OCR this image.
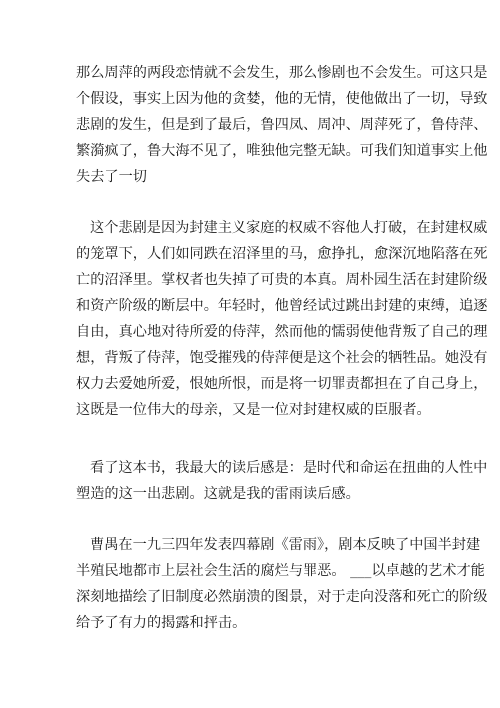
那么周萍的两段恋情就不会发生，那么惨剧也不会发生。可这只是
个假设，事实上因为他的贪婪，他的无情，使他做出了一切，导致
悲剧的发生，但是到了最后，鲁四凤、周冲、周萍死了，鲁侍萍、
繁漪疯了，鲁大海不见了，唯独他完整无缺。可我们知道事实上他
失去了一切
这个悲剧是因为封建主义家庭的权威不容他人打破，在封建权威
的笼罩下，人们如同跌在沼泽里的马，愈挣扎，愈深沉地陷落在死
亡的沼泽里。掌权者也失掉了可贵的本真。周朴园生活在封建阶级
和资产阶级的断层中。年轻时，他曾经试过跳出封建的束缚，追逐
自由，真心地对待所爱的侍萍，然而他的懦弱使他背叛了自己的理
想，背叛了侍萍，饱受摧残的侍萍便是这个社会的牺牲品。她没有
权力去爱她所爱，恨她所恨，而是将一切罪责都担在了自己身上，
这既是一位伟大的母亲，又是一位对封建权威的臣服者。
看了这本书，我最大的读后感是：是时代和命运在扭曲的人性中
塑造的这一出悲剧。这就是我的雷雨读后感。
曹禺在一九三四年发表四幕剧《雷雨》，剧本反映了中国半封建
半殖民地都市上层社会生活的腐烂与罪恶。 ___以卓越的艺术才能
深刻地描绘了旧制度必然崩溃的图景，对于走向没落和死亡的阶级
给予了有力的揭露和抨击。
